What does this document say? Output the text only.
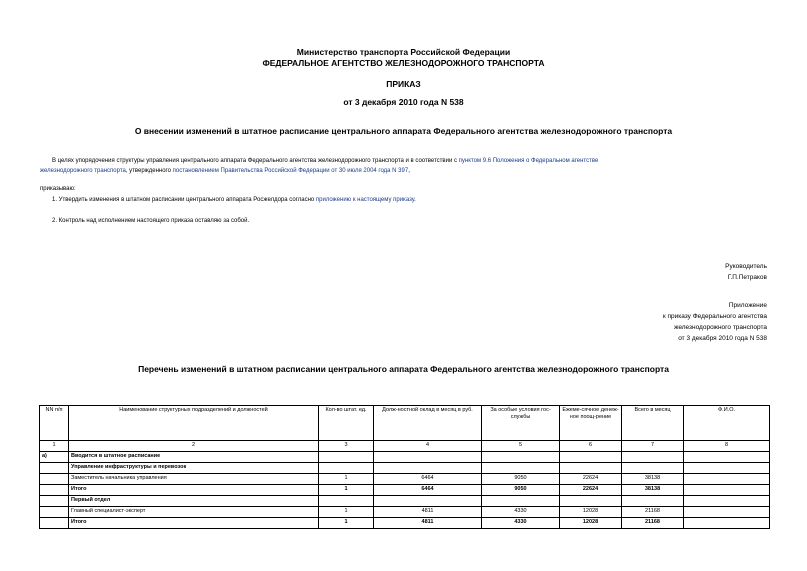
Министерство транспорта Российской Федерации
ФЕДЕРАЛЬНОЕ АГЕНТСТВО ЖЕЛЕЗНОДОРОЖНОГО ТРАНСПОРТА
ПРИКАЗ
от 3 декабря 2010 года N 538
О внесении изменений в штатное расписание центрального аппарата Федерального агентства железнодорожного транспорта
В целях упорядочения структуры управления центрального аппарата Федерального агентства железнодорожного транспорта и в соответствии с пунктом 9.6 Положения о Федеральном агентстве
железнодорожного транспорта, утвержденного постановлением Правительства Российской Федерации от 30 июля 2004 года N 397,
приказываю:
1. Утвердить изменения в штатном расписании центрального аппарата Росжелдора согласно приложению к настоящему приказу.
2. Контроль над исполнением настоящего приказа оставляю за собой.
Руководитель
Г.П.Петраков
Приложение
к приказу Федерального агентства
железнодорожного транспорта
от 3 декабря 2010 года N 538
Перечень изменений в штатном расписании центрального аппарата Федерального агентства железнодорожного транспорта
NN п/п	Наименование структурных подразделений и должностей	Кол-во штат. ед.	Долж-ностной оклад в месяц в руб.	За особые условия гос-службы	Ежеме-сячное денеж-ное поощ-рение	Всего в месяц	Ф.И.О.
1	2	3	4	5	6	7	8
а)	Вводится в штатное расписание						
	Управление инфраструктуры и перевозок						
	Заместитель начальника управления	1	6464	9050	22624	38138	
	Итого	1	6464	9050	22624	38138	
	Первый отдел						
	Главный специалист-эксперт	1	4811	4330	12028	21168	
	Итого	1	4811	4330	12028	21168	
